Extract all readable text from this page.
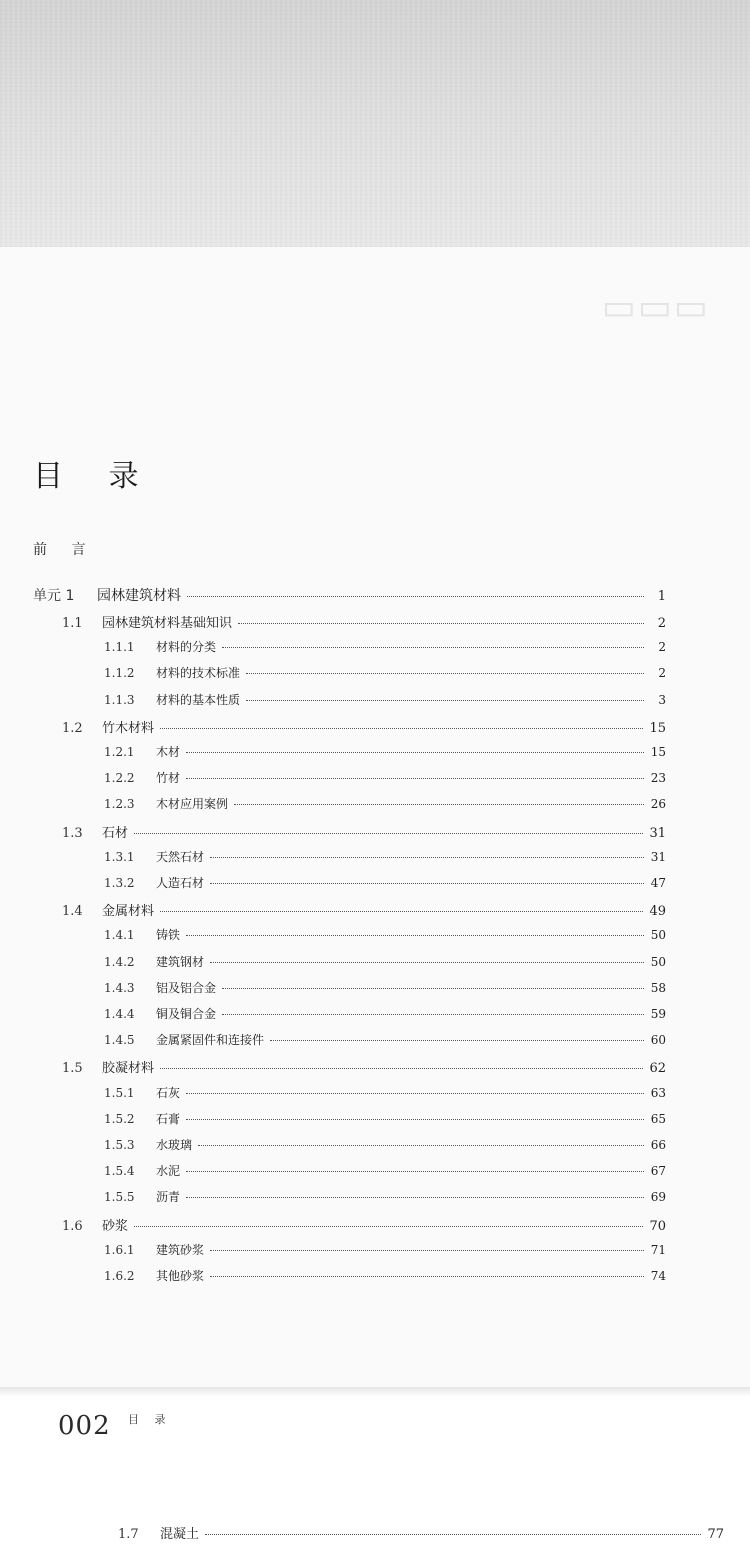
▭▭▭
目 录
前 言
单元 1	园林建筑材料	1
1.1	园林建筑材料基础知识	2
1.1.1	材料的分类	2
1.1.2	材料的技术标准	2
1.1.3	材料的基本性质	3
1.2	竹木材料	15
1.2.1	木材	15
1.2.2	竹材	23
1.2.3	木材应用案例	26
1.3	石材	31
1.3.1	天然石材	31
1.3.2	人造石材	47
1.4	金属材料	49
1.4.1	铸铁	50
1.4.2	建筑钢材	50
1.4.3	铝及铝合金	58
1.4.4	铜及铜合金	59
1.4.5	金属紧固件和连接件	60
1.5	胶凝材料	62
1.5.1	石灰	63
1.5.2	石膏	65
1.5.3	水玻璃	66
1.5.4	水泥	67
1.5.5	沥青	69
1.6	砂浆	70
1.6.1	建筑砂浆	71
1.6.2	其他砂浆	74
002 目 录
1.7	混凝土	77
